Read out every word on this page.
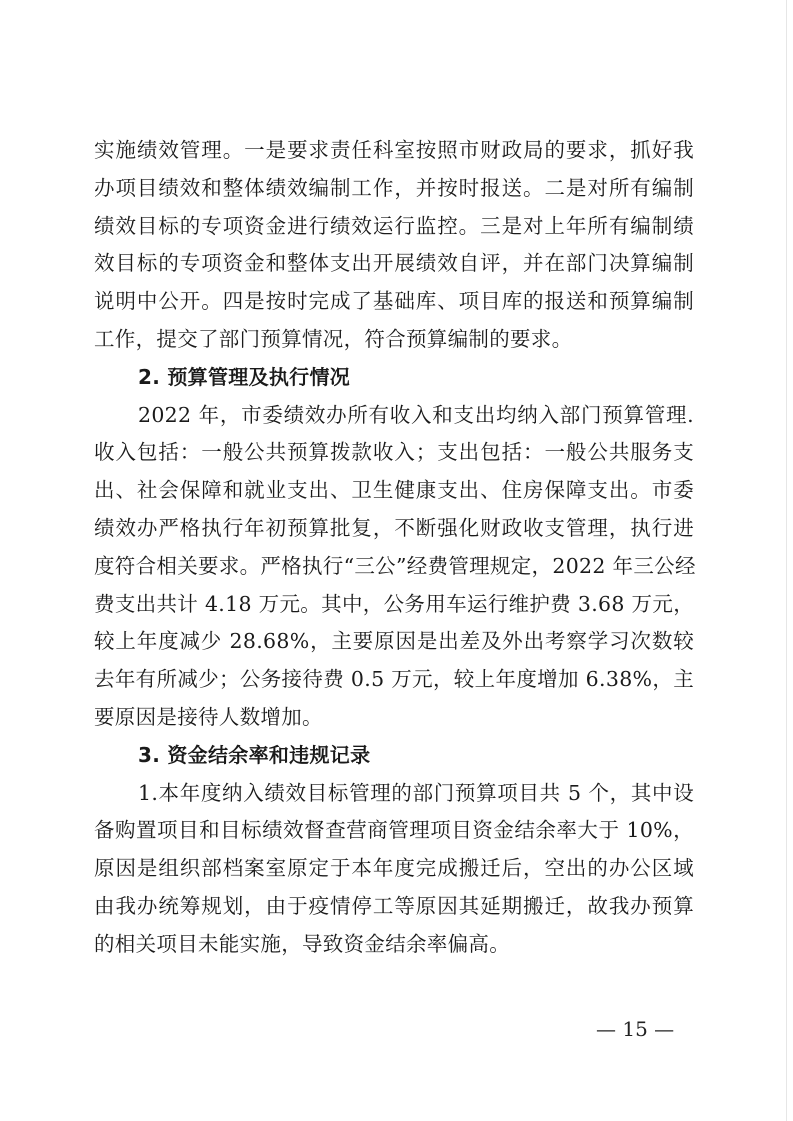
实施绩效管理。一是要求责任科室按照市财政局的要求，抓好我
办项目绩效和整体绩效编制工作，并按时报送。二是对所有编制
绩效目标的专项资金进行绩效运行监控。三是对上年所有编制绩
效目标的专项资金和整体支出开展绩效自评，并在部门决算编制
说明中公开。四是按时完成了基础库、项目库的报送和预算编制
工作，提交了部门预算情况，符合预算编制的要求。
2. 预算管理及执行情况
2022 年，市委绩效办所有收入和支出均纳入部门预算管理.
收入包括：一般公共预算拨款收入；支出包括：一般公共服务支
出、社会保障和就业支出、卫生健康支出、住房保障支出。市委
绩效办严格执行年初预算批复，不断强化财政收支管理，执行进
度符合相关要求。严格执行“三公”经费管理规定，2022 年三公经
费支出共计 4.18 万元。其中，公务用车运行维护费 3.68 万元，
较上年度减少 28.68%，主要原因是出差及外出考察学习次数较
去年有所减少；公务接待费 0.5 万元，较上年度增加 6.38%，主
要原因是接待人数增加。
3. 资金结余率和违规记录
1.本年度纳入绩效目标管理的部门预算项目共 5 个，其中设
备购置项目和目标绩效督查营商管理项目资金结余率大于 10%，
原因是组织部档案室原定于本年度完成搬迁后，空出的办公区域
由我办统筹规划，由于疫情停工等原因其延期搬迁，故我办预算
的相关项目未能实施，导致资金结余率偏高。
— 15 —
